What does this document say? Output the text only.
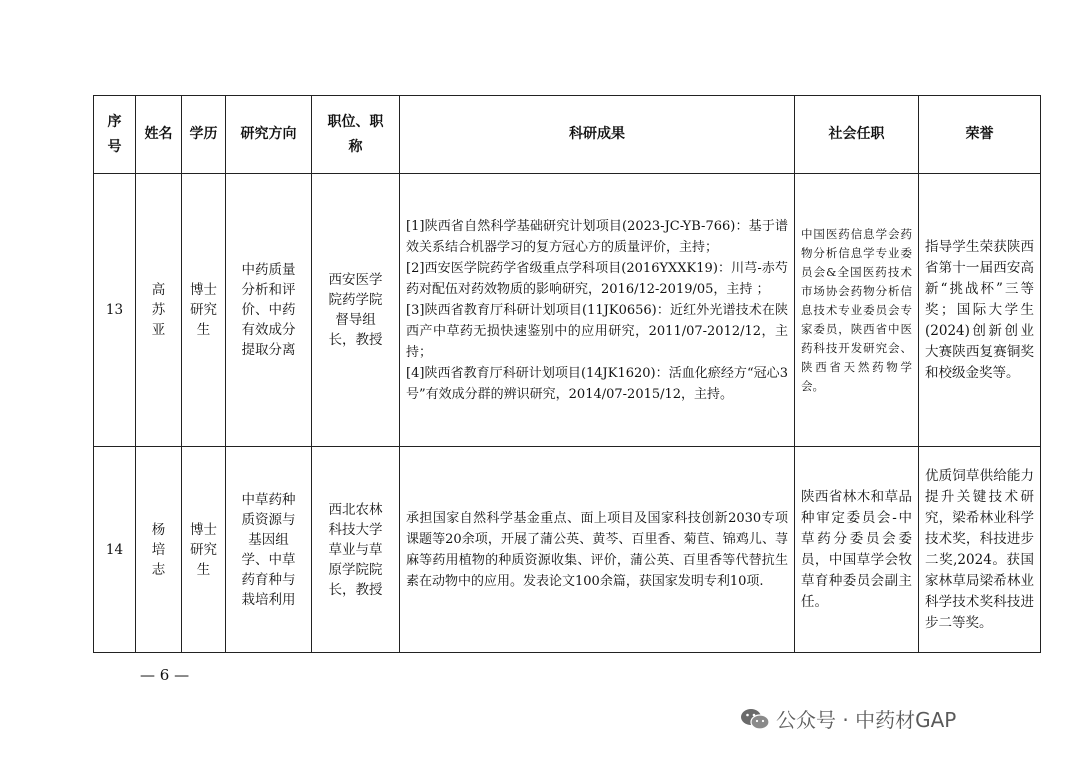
序号	姓名	学历	研究方向	职位、职称	科研成果	社会任职	荣誉
13	高苏亚	博士研究生	中药质量分析和评价、中药有效成分提取分离	西安医学院药学院督导组长，教授	[1]陕西省自然科学基础研究计划项目(2023-JC-YB-766)：基于谱效关系结合机器学习的复方冠心方的质量评价，主持；

[2]西安医学院药学省级重点学科项目(2016YXXK19)：川芎-赤芍药对配伍对药效物质的影响研究，2016/12-2019/05，主持 ；

[3]陕西省教育厅科研计划项目(11JK0656)：近红外光谱技术在陕西产中草药无损快速鉴别中的应用研究，2011/07-2012/12，主持；

[4]陕西省教育厅科研计划项目(14JK1620)：活血化瘀经方“冠心3号”有效成分群的辨识研究，2014/07-2015/12，主持。	中国医药信息学会药物分析信息学专业委员会&全国医药技术市场协会药物分析信息技术专业委员会专家委员，陕西省中医药科技开发研究会、陕西省天然药物学会。	指导学生荣获陕西省第十一届西安高新“挑战杯”三等奖；国际大学生(2024)创新创业大赛陕西复赛铜奖和校级金奖等。
14	杨培志	博士研究生	中草药种质资源与基因组学、中草药育种与栽培利用	西北农林科技大学草业与草原学院院长，教授	承担国家自然科学基金重点、面上项目及国家科技创新2030专项课题等20余项，开展了蒲公英、黄芩、百里香、菊苣、锦鸡儿、荨麻等药用植物的种质资源收集、评价，蒲公英、百里香等代替抗生素在动物中的应用。发表论文100余篇，获国家发明专利10项.	陕西省林木和草品种审定委员会-中草药分委员会委员，中国草学会牧草育种委员会副主任。	优质饲草供给能力提升关键技术研究，梁希林业科学技术奖，科技进步二奖,2024。获国家林草局梁希林业科学技术奖科技进步二等奖。
— 6 —
公众号 · 中药材GAP
